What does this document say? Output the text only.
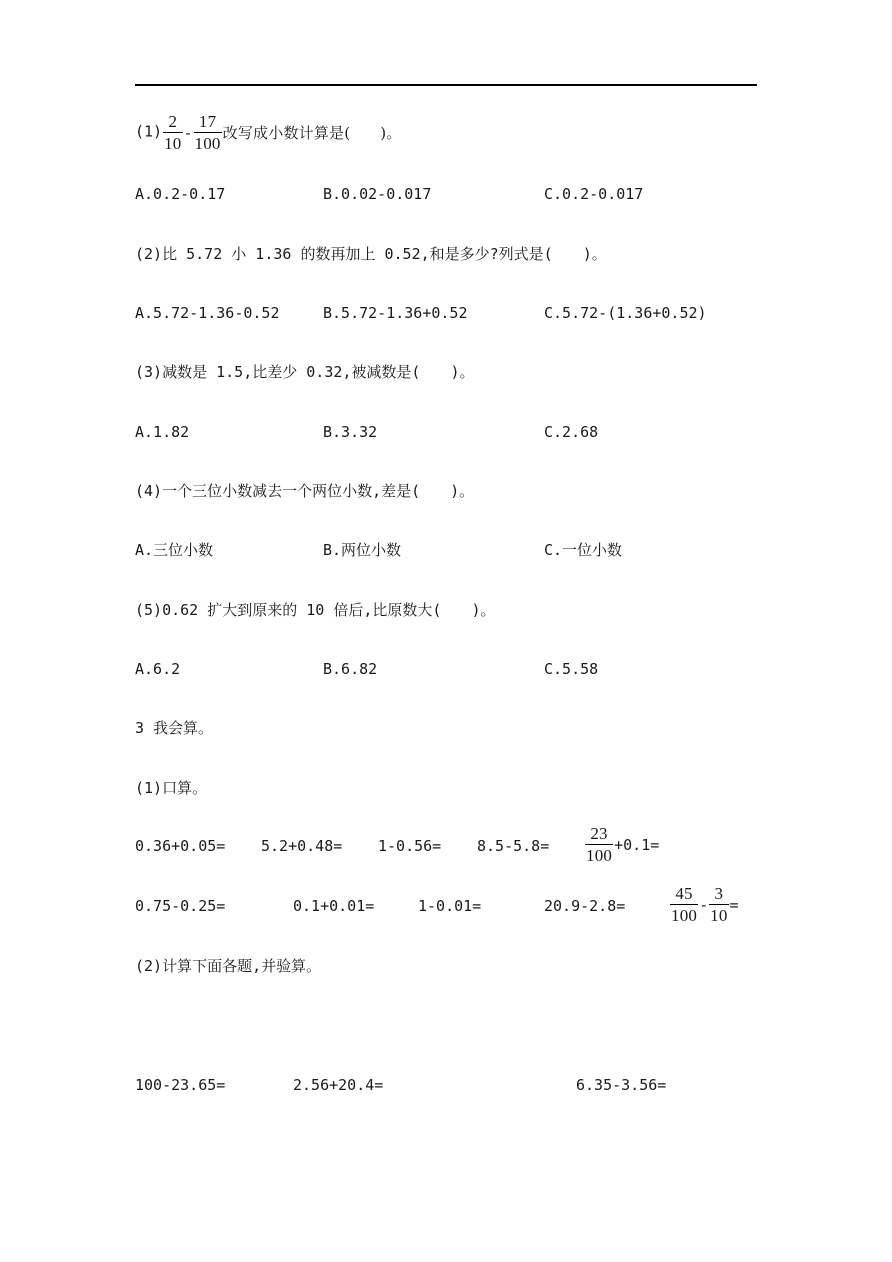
$(1) \frac{2}{10} - \frac{17}{100}$ 改写成小数计算是( )。
A.0.2-0.17	B.0.02-0.017	C.0.2-0.017
(2)比 5.72 小 1.36 的数再加上 0.52,和是多少?列式是( )。
A.5.72-1.36-0.52	B.5.72-1.36+0.52	C.5.72-(1.36+0.52)
(3)减数是 1.5,比差少 0.32,被减数是( )。
A.1.82	B.3.32	C.2.68
(4)一个三位小数减去一个两位小数,差是( )。
A.三位小数	B.两位小数	C.一位小数
(5)0.62 扩大到原来的 10 倍后,比原数大( )。
A.6.2	B.6.82	C.5.58
3 我会算。
(1)口算。
$0.36+0.05= 5.2+0.48= 1-0.56= 8.5-5.8= \frac{23}{100} +0.1=$
0.75-0.25=	0.1+0.01=	1-0.01=	20.9-2.8=	$\frac{45}{100} - \frac{3}{10}$ =
(2)计算下面各题,并验算。
100-23.65=	2.56+20.4=	6.35-3.56=
